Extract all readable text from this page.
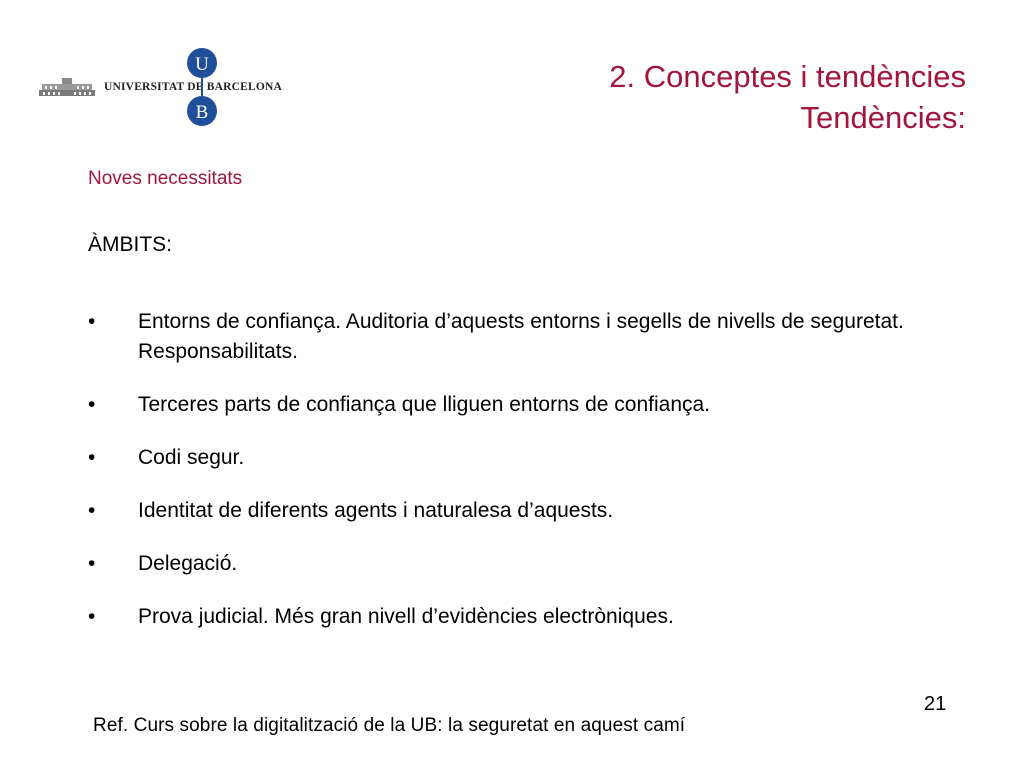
UNIVERSITAT DE BARCELONA
U
B
2. Conceptes i tendències
Tendències:
Noves necessitats
ÀMBITS:
• Entorns de confiança. Auditoria d’aquests entorns i segells de nivells de seguretat. Responsabilitats.
• Terceres parts de confiança que lliguen entorns de confiança.
• Codi segur.
• Identitat de diferents agents i naturalesa d’aquests.
• Delegació.
• Prova judicial. Més gran nivell d’evidències electròniques.
21
Ref. Curs sobre la digitalització de la UB: la seguretat en aquest camí
